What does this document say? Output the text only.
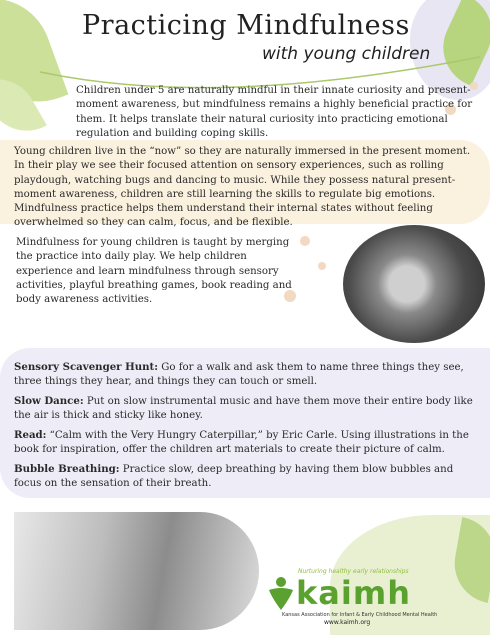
Practicing Mindfulness
with young children

Children under 5 are naturally mindful in their innate curiosity and present-moment awareness, but mindfulness remains a highly beneficial practice for them. It helps translate their natural curiosity into practicing emotional regulation and building coping skills.

Young children live in the “now” so they are naturally immersed in the present moment. In their play we see their focused attention on sensory experiences, such as rolling playdough, watching bugs and dancing to music. While they possess natural present-moment awareness, children are still learning the skills to regulate big emotions. Mindfulness practice helps them understand their internal states without feeling overwhelmed so they can calm, focus, and be flexible.

Mindfulness for young children is taught by merging the practice into daily play. We help children experience and learn mindfulness through sensory activities, playful breathing games, book reading and body awareness activities.

Sensory Scavenger Hunt: Go for a walk and ask them to name three things they see, three things they hear, and things they can touch or smell.

Slow Dance: Put on slow instrumental music and have them move their entire body like the air is thick and sticky like honey.

Read: “Calm with the Very Hungry Caterpillar,” by Eric Carle. Using illustrations in the book for inspiration, offer the children art materials to create their picture of calm.

Bubble Breathing: Practice slow, deep breathing by having them blow bubbles and focus on the sensation of their breath.

Nurturing healthy early relationships
kaimh
Kansas Association for Infant & Early Childhood Mental Health
www.kaimh.org
